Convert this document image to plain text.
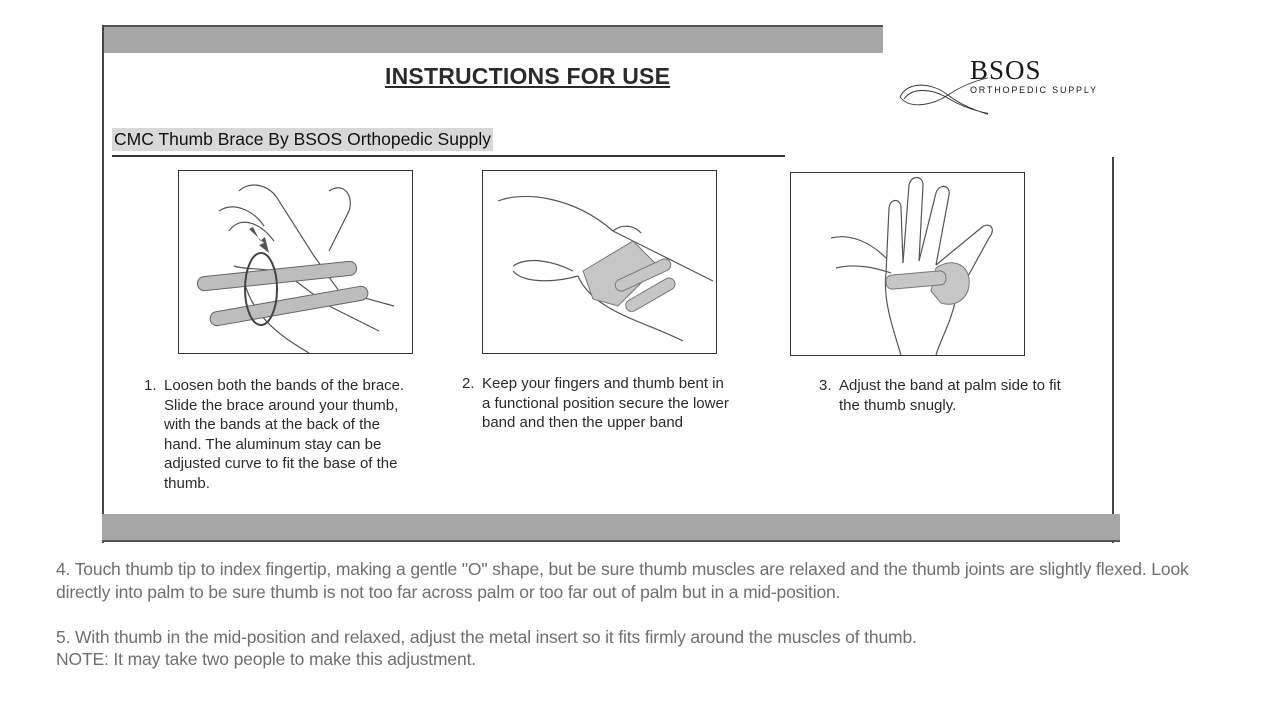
INSTRUCTIONS FOR USE
CMC Thumb Brace By BSOS Orthopedic Supply
1. Loosen both the bands of the brace.
Slide the brace around your thumb,
with the bands at the back of the
hand. The aluminum stay can be
adjusted curve to fit the base of the
thumb.
2. Keep your fingers and thumb bent in
a functional position secure the lower
band and then the upper band
3. Adjust the band at palm side to fit
the thumb snugly.
BSOS
ORTHOPEDIC SUPPLY
4. Touch thumb tip to index fingertip, making a gentle "O" shape, but be sure thumb muscles are relaxed and the thumb joints are slightly flexed. Look directly into palm to be sure thumb is not too far across palm or too far out of palm but in a mid-position.
5. With thumb in the mid-position and relaxed, adjust the metal insert so it fits firmly around the muscles of thumb.
NOTE: It may take two people to make this adjustment.
